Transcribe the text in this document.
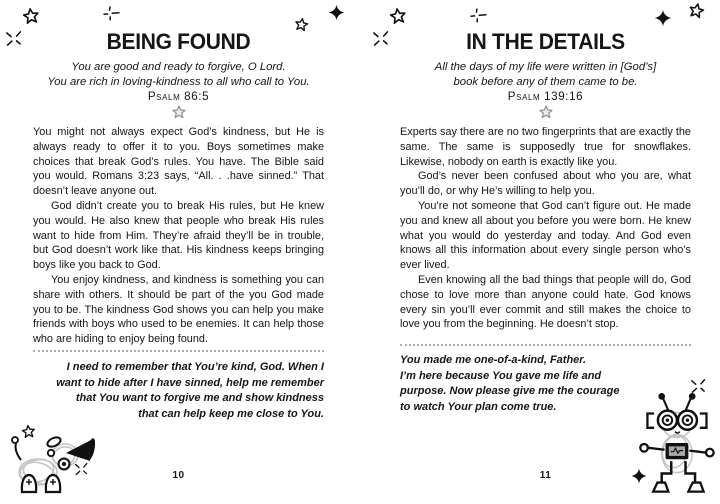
BEING FOUND
You are good and ready to forgive, O Lord.
You are rich in loving-kindness to all who call to You.
Psalm 86:5

You might not always expect God’s kindness, but He is always ready to offer it to you. Boys sometimes make choices that break God’s rules. You have. The Bible said you would. Romans 3:23 says, “All. . .have sinned.” That doesn’t leave anyone out.

God didn’t create you to break His rules, but He knew you would. He also knew that people who break His rules want to hide from Him. They’re afraid they’ll be in trouble, but God doesn’t work like that. His kindness keeps bringing boys like you back to God.

You enjoy kindness, and kindness is something you can share with others. It should be part of the you God made you to be. The kindness God shows you can help you make friends with boys who used to be enemies. It can help those who are hiding to enjoy being found.

I need to remember that You’re kind, God. When I
want to hide after I have sinned, help me remember
that You want to forgive me and show kindness
that can help keep me close to You.
10
IN THE DETAILS
All the days of my life were written in [God’s]
book before any of them came to be.
Psalm 139:16

Experts say there are no two fingerprints that are exactly the same. The same is supposedly true for snowflakes. Likewise, nobody on earth is exactly like you.

God’s never been confused about who you are, what you’ll do, or why He’s willing to help you.

You’re not someone that God can’t figure out. He made you and knew all about you before you were born. He knew what you would do yesterday and today. And God even knows all this information about every single person who’s ever lived.

Even knowing all the bad things that people will do, God chose to love more than anyone could hate. God knows every sin you’ll ever commit and still makes the choice to love you from the beginning. He doesn’t stop.

You made me one-of-a-kind, Father.
I’m here because You gave me life and
purpose. Now please give me the courage
to watch Your plan come true.
11
